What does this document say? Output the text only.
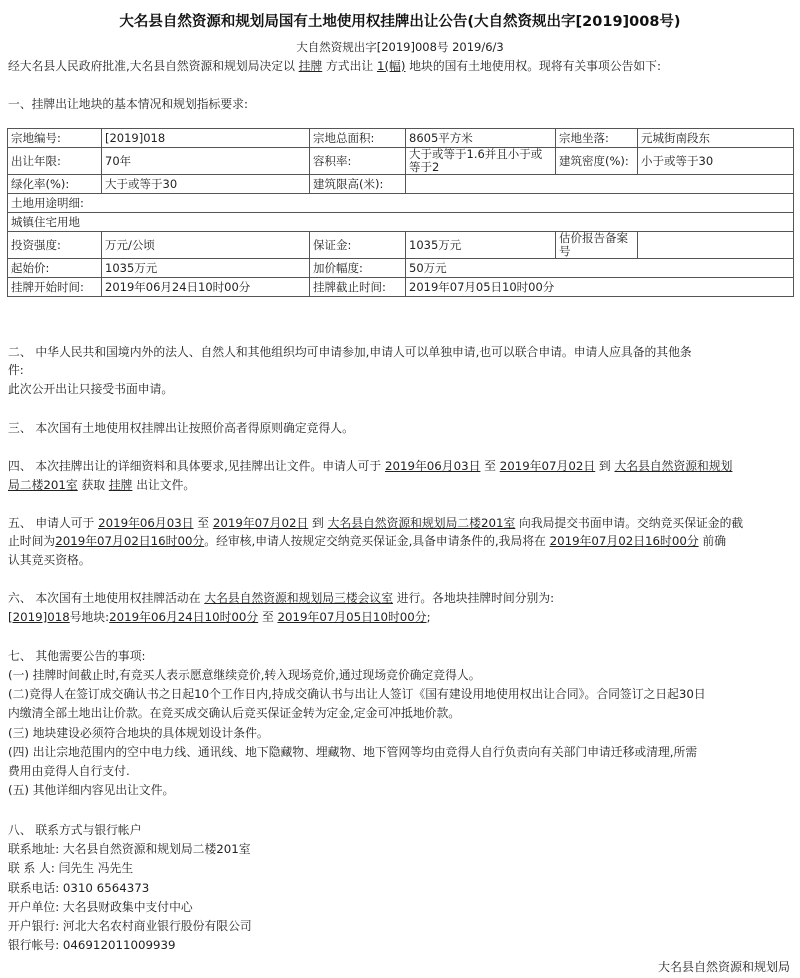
大名县自然资源和规划局国有土地使用权挂牌出让公告(大自然资规出字[2019]008号)
大自然资规出字[2019]008号 2019/6/3
经大名县人民政府批准,大名县自然资源和规划局决定以 挂牌 方式出让 1(幅) 地块的国有土地使用权。现将有关事项公告如下:
一、挂牌出让地块的基本情况和规划指标要求:
宗地编号:	[2019]018	宗地总面积:	8605平方米	宗地坐落:	元城街南段东
出让年限:	70年	容积率:	大于或等于1.6并且小于或等于2	建筑密度(%):	小于或等于30
绿化率(%):	大于或等于30	建筑限高(米):			
土地用途明细:					
城镇住宅用地					
投资强度:	万元/公顷	保证金:	1035万元	估价报告备案号	
起始价:	1035万元	加价幅度:	50万元		
挂牌开始时间:	2019年06月24日10时00分	挂牌截止时间:	2019年07月05日10时00分		
二、 中华人民共和国境内外的法人、自然人和其他组织均可申请参加,申请人可以单独申请,也可以联合申请。申请人应具备的其他条
件:
此次公开出让只接受书面申请。
三、 本次国有土地使用权挂牌出让按照价高者得原则确定竞得人。
四、 本次挂牌出让的详细资料和具体要求,见挂牌出让文件。申请人可于 2019年06月03日 至 2019年07月02日 到 大名县自然资源和规划
局二楼201室 获取 挂牌 出让文件。
五、 申请人可于 2019年06月03日 至 2019年07月02日 到 大名县自然资源和规划局二楼201室 向我局提交书面申请。交纳竞买保证金的截
止时间为2019年07月02日16时00分。经审核,申请人按规定交纳竞买保证金,具备申请条件的,我局将在 2019年07月02日16时00分 前确
认其竞买资格。
六、 本次国有土地使用权挂牌活动在 大名县自然资源和规划局三楼会议室 进行。各地块挂牌时间分别为:
[2019]018号地块:2019年06月24日10时00分 至 2019年07月05日10时00分;
七、 其他需要公告的事项:
(一) 挂牌时间截止时,有竞买人表示愿意继续竞价,转入现场竞价,通过现场竞价确定竞得人。
(二)竞得人在签订成交确认书之日起10个工作日内,持成交确认书与出让人签订《国有建设用地使用权出让合同》。合同签订之日起30日
内缴清全部土地出让价款。在竞买成交确认后竞买保证金转为定金,定金可冲抵地价款。
(三) 地块建设必须符合地块的具体规划设计条件。
(四) 出让宗地范围内的空中电力线、通讯线、地下隐藏物、埋藏物、地下管网等均由竞得人自行负责向有关部门申请迁移或清理,所需
费用由竞得人自行支付.
(五) 其他详细内容见出让文件。
八、 联系方式与银行帐户
联系地址: 大名县自然资源和规划局二楼201室
联 系 人: 闫先生 冯先生
联系电话: 0310 6564373
开户单位: 大名县财政集中支付中心
开户银行: 河北大名农村商业银行股份有限公司
银行帐号: 046912011009939
大名县自然资源和规划局
